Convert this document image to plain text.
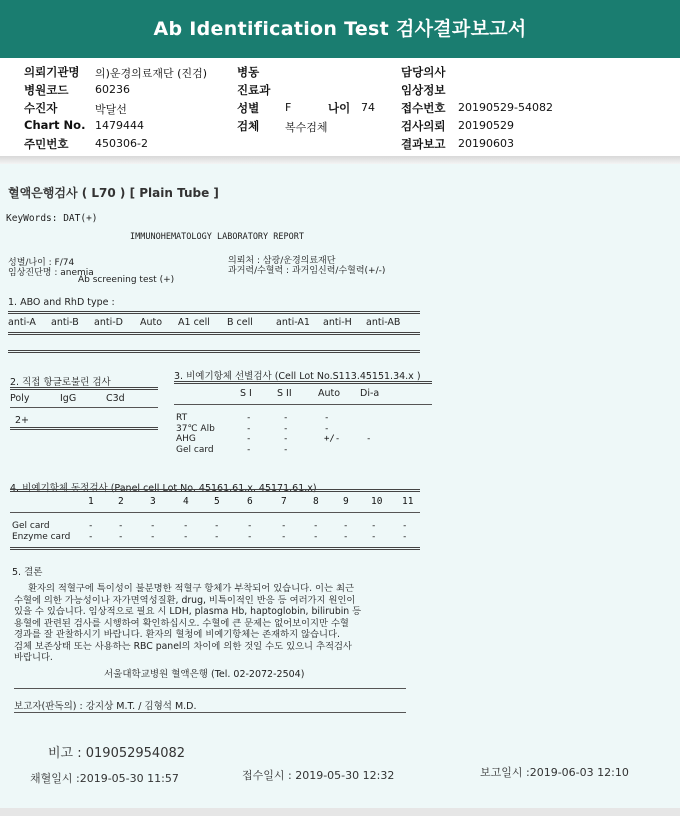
Ab Identification Test 검사결과보고서
의뢰기관명 의)운경의료재단 (진검)	병동	담당의사
병원코드 60236	진료과	임상정보
수진자	박달선	성별 F	나이 74 접수번호 20190529-54082
Chart No. 1479444	검체 복수검체	검사의뢰 20190529
주민번호 450306-2	결과보고 20190603
혈액은행검사 ( L70 ) [ Plain Tube ]
KeyWords: DAT(+)
IMMUNOHEMATOLOGY LABORATORY REPORT
성별/나이 : F/74
임상진단명 : anemia
Ab screening test (+)
의뢰처 : 삼광/운경의료재단
과거력/수혈력 : 과거임신력/수혈력(+/-)
1. ABO and RhD type :
anti-A anti-B anti-D Auto A1 cell B cell anti-A1 anti-H anti-AB
2. 직접 항글로불린 검사
Poly	IgG	C3d
2+
3. 비예기항체 선별검사 (Cell Lot No.S113.45151.34.x )
S I	S II	Auto Di-a
RT	-	-	-
37℃ Alb	-	-	-
AHG	-	-	+/-	-
Gel card	-	-
4. 비예기항체 동정검사 (Panel cell Lot No. 45161.61.x, 45171.61.x)
1	2	3	4	5	6	7	8	9 10 11
Gel card	-	-	-	-	-	-	-	-	-	-	-
Enzyme card -	-	-	-	-	-	-	-	-	-	-
5. 결론
환자의 적혈구에 특이성이 불분명한 적혈구 항체가 부착되어 있습니다. 이는 최근
수혈에 의한 가능성이나 자가면역성질환, drug, 비특이적인 반응 등 여러가지 원인이
있을 수 있습니다. 임상적으로 필요 시 LDH, plasma Hb, haptoglobin, bilirubin 등
용혈에 관련된 검사를 시행하여 확인하십시오. 수혈에 큰 문제는 없어보이지만 수혈
경과를 잘 관찰하시기 바랍니다. 환자의 혈청에 비예기항체는 존재하지 않습니다.
검체 보존상태 또는 사용하는 RBC panel의 차이에 의한 것일 수도 있으니 추적검사
바랍니다.
서울대학교병원 혈액은행 (Tel. 02-2072-2504)
보고자(판독의) : 강지상 M.T. / 김형석 M.D.
비고 : 019052954082
채혈일시 :2019-05-30 11:57	접수일시 : 2019-05-30 12:32	보고일시 :2019-06-03 12:10
